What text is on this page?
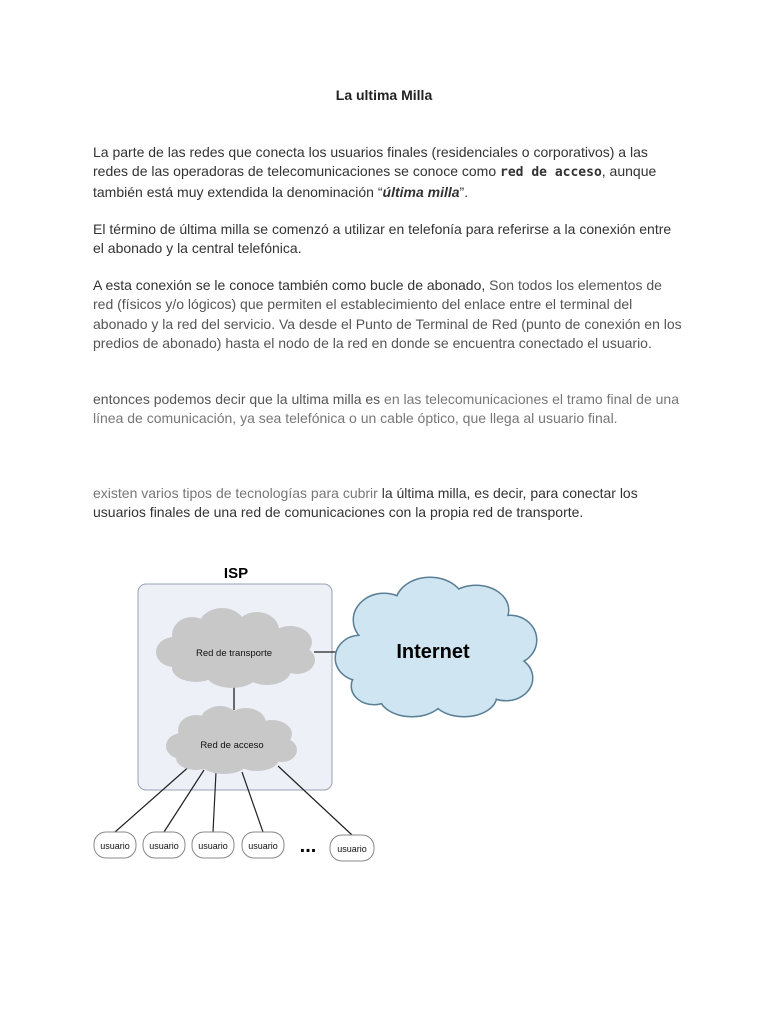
La ultima Milla
La parte de las redes que conecta los usuarios finales (residenciales o corporativos) a las redes de las operadoras de telecomunicaciones se conoce como red de acceso, aunque también está muy extendida la denominación “última milla”.
El término de última milla se comenzó a utilizar en telefonía para referirse a la conexión entre el abonado y la central telefónica.
A esta conexión se le conoce también como bucle de abonado, Son todos los elementos de red (físicos y/o lógicos) que permiten el establecimiento del enlace entre el terminal del abonado y la red del servicio. Va desde el Punto de Terminal de Red (punto de conexión en los predios de abonado) hasta el nodo de la red en donde se encuentra conectado el usuario.
entonces podemos decir que la ultima milla es en las telecomunicaciones el tramo final de una línea de comunicación, ya sea telefónica o un cable óptico, que llega al usuario final.
existen varios tipos de tecnologías para cubrir la última milla, es decir, para conectar los usuarios finales de una red de comunicaciones con la propia red de transporte.
ISP
Red de transporte
Red de acceso
Internet
usuario usuario usuario usuario ... usuario
